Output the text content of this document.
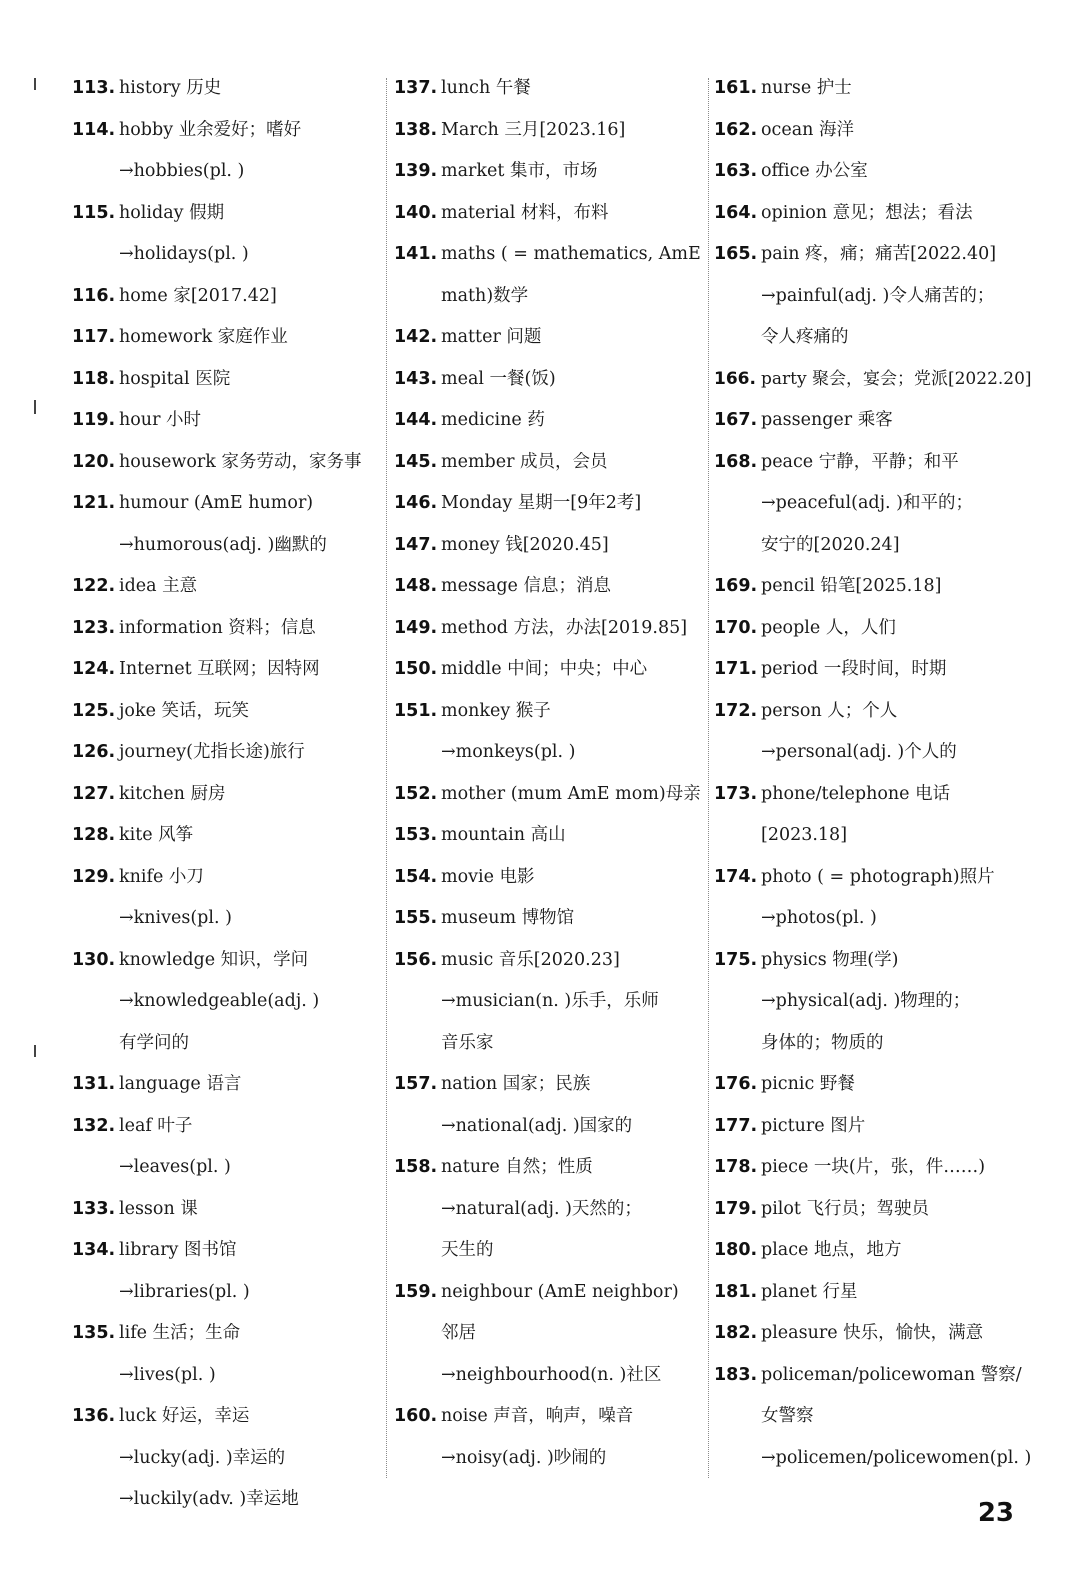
113. history 历史
114. hobby 业余爱好；嗜好
→hobbies(pl. )
115. holiday 假期
→holidays(pl. )
116. home 家[2017.42]
117. homework 家庭作业
118. hospital 医院
119. hour 小时
120. housework 家务劳动，家务事
121. humour (AmE humor)
→humorous(adj. )幽默的
122. idea 主意
123. information 资料；信息
124. Internet 互联网；因特网
125. joke 笑话，玩笑
126. journey(尤指长途)旅行
127. kitchen 厨房
128. kite 风筝
129. knife 小刀
→knives(pl. )
130. knowledge 知识，学问
→knowledgeable(adj. )
有学问的
131. language 语言
132. leaf 叶子
→leaves(pl. )
133. lesson 课
134. library 图书馆
→libraries(pl. )
135. life 生活；生命
→lives(pl. )
136. luck 好运，幸运
→lucky(adj. )幸运的
→luckily(adv. )幸运地
137. lunch 午餐
138. March 三月[2023.16]
139. market 集市，市场
140. material 材料，布料
141. maths ( = mathematics, AmE
math)数学
142. matter 问题
143. meal 一餐(饭)
144. medicine 药
145. member 成员，会员
146. Monday 星期一[9年2考]
147. money 钱[2020.45]
148. message 信息；消息
149. method 方法，办法[2019.85]
150. middle 中间；中央；中心
151. monkey 猴子
→monkeys(pl. )
152. mother (mum AmE mom)母亲
153. mountain 高山
154. movie 电影
155. museum 博物馆
156. music 音乐[2020.23]
→musician(n. )乐手，乐师
音乐家
157. nation 国家；民族
→national(adj. )国家的
158. nature 自然；性质
→natural(adj. )天然的；
天生的
159. neighbour (AmE neighbor)
邻居
→neighbourhood(n. )社区
160. noise 声音，响声，噪音
→noisy(adj. )吵闹的
161. nurse 护士
162. ocean 海洋
163. office 办公室
164. opinion 意见；想法；看法
165. pain 疼，痛；痛苦[2022.40]
→painful(adj. )令人痛苦的；
令人疼痛的
166. party 聚会，宴会；党派[2022.20]
167. passenger 乘客
168. peace 宁静，平静；和平
→peaceful(adj. )和平的；
安宁的[2020.24]
169. pencil 铅笔[2025.18]
170. people 人，人们
171. period 一段时间，时期
172. person 人；个人
→personal(adj. )个人的
173. phone/telephone 电话
[2023.18]
174. photo ( = photograph)照片
→photos(pl. )
175. physics 物理(学)
→physical(adj. )物理的；
身体的；物质的
176. picnic 野餐
177. picture 图片
178. piece 一块(片，张，件……)
179. pilot 飞行员；驾驶员
180. place 地点，地方
181. planet 行星
182. pleasure 快乐，愉快，满意
183. policeman/policewoman 警察/
女警察
→policemen/policewomen(pl. )
23
